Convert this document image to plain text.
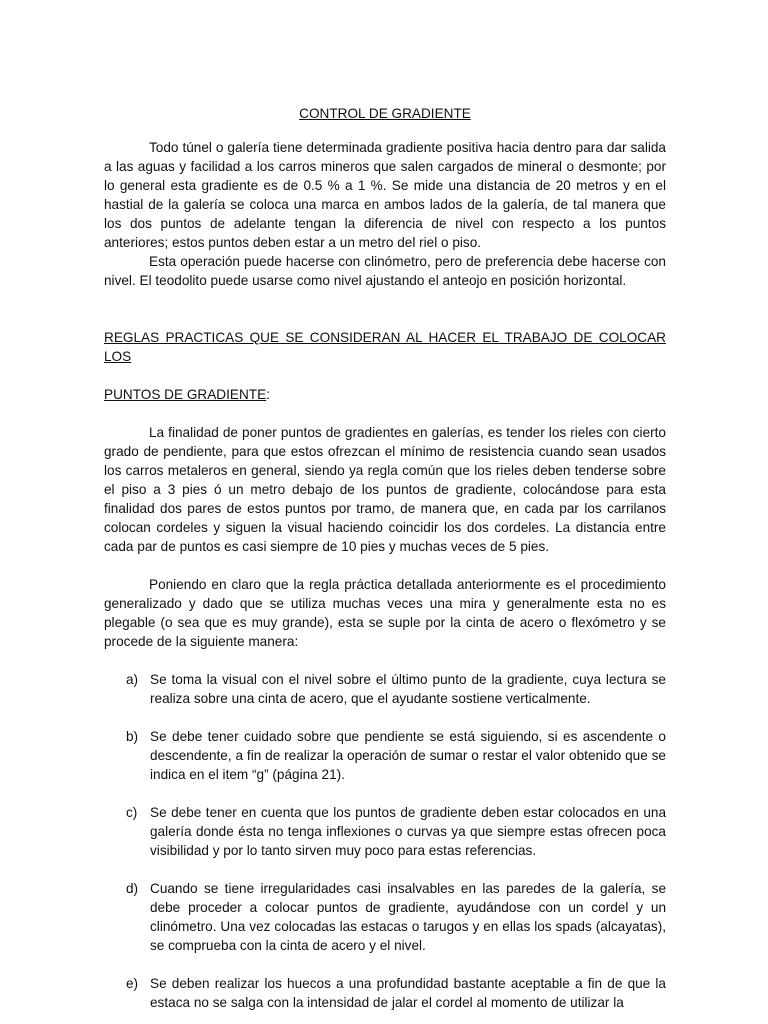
CONTROL DE GRADIENTE

Todo túnel o galería tiene determinada gradiente positiva hacia dentro para dar salida a las aguas y facilidad a los carros mineros que salen cargados de mineral o desmonte; por lo general esta gradiente es de 0.5 % a 1 %. Se mide una distancia de 20 metros y en el hastial de la galería se coloca una marca en ambos lados de la galería, de tal manera que los dos puntos de adelante tengan la diferencia de nivel con respecto a los puntos anteriores; estos puntos deben estar a un metro del riel o piso.

Esta operación puede hacerse con clinómetro, pero de preferencia debe hacerse con nivel. El teodolito puede usarse como nivel ajustando el anteojo en posición horizontal.

REGLAS PRACTICAS QUE SE CONSIDERAN AL HACER EL TRABAJO DE COLOCAR LOS

PUNTOS DE GRADIENTE:

La finalidad de poner puntos de gradientes en galerías, es tender los rieles con cierto grado de pendiente, para que estos ofrezcan el mínimo de resistencia cuando sean usados los carros metaleros en general, siendo ya regla común que los rieles deben tenderse sobre el piso a 3 pies ó un metro debajo de los puntos de gradiente, colocándose para esta finalidad dos pares de estos puntos por tramo, de manera que, en cada par los carrilanos colocan cordeles y siguen la visual haciendo coincidir los dos cordeles. La distancia entre cada par de puntos es casi siempre de 10 pies y muchas veces de 5 pies.

Poniendo en claro que la regla práctica detallada anteriormente es el procedimiento generalizado y dado que se utiliza muchas veces una mira y generalmente esta no es plegable (o sea que es muy grande), esta se suple por la cinta de acero o flexómetro y se procede de la siguiente manera:

a) Se toma la visual con el nivel sobre el último punto de la gradiente, cuya lectura se realiza sobre una cinta de acero, que el ayudante sostiene verticalmente.
b) Se debe tener cuidado sobre que pendiente se está siguiendo, si es ascendente o descendente, a fin de realizar la operación de sumar o restar el valor obtenido que se indica en el item “g” (página 21).
c) Se debe tener en cuenta que los puntos de gradiente deben estar colocados en una galería donde ésta no tenga inflexiones o curvas ya que siempre estas ofrecen poca visibilidad y por lo tanto sirven muy poco para estas referencias.
d) Cuando se tiene irregularidades casi insalvables en las paredes de la galería, se debe proceder a colocar puntos de gradiente, ayudándose con un cordel y un clinómetro. Una vez colocadas las estacas o tarugos y en ellas los spads (alcayatas), se comprueba con la cinta de acero y el nivel.
e) Se deben realizar los huecos a una profundidad bastante aceptable a fin de que la estaca no se salga con la intensidad de jalar el cordel al momento de utilizar la
